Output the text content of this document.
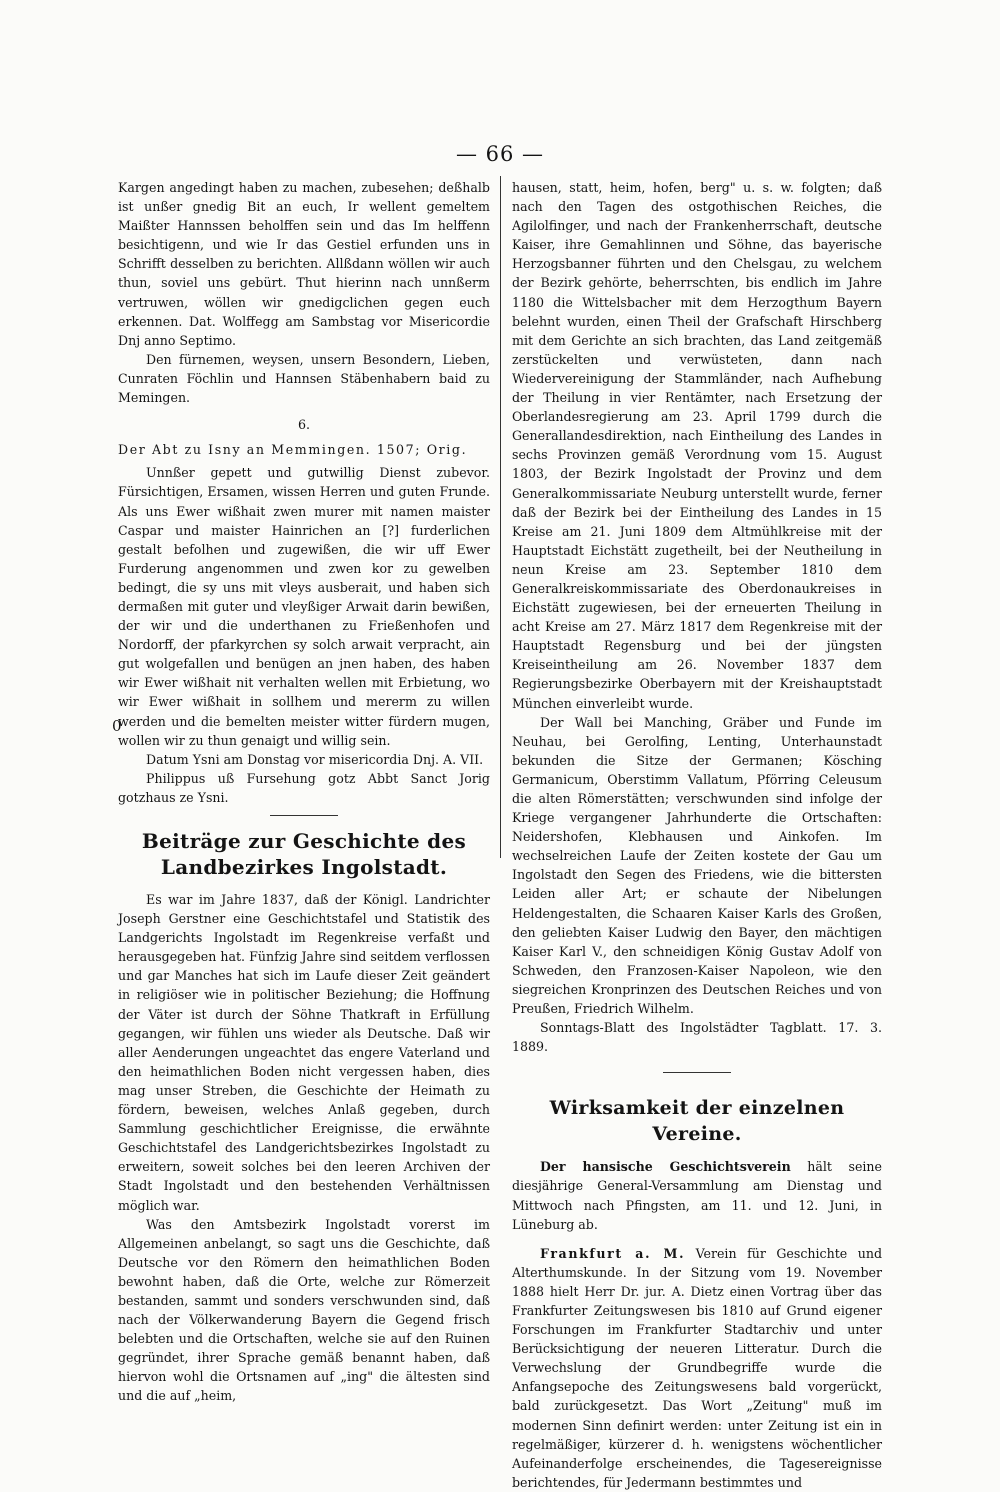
— 66 —
0

Kargen angedingt haben zu machen, zubesehen; deßhalb ist unßer gnedig Bit an euch, Ir wellent gemeltem Maißter Hannssen beholffen sein und das Im helffenn besichtigenn, und wie Ir das Gestiel erfunden uns in Schrifft desselben zu berichten. Allßdann wöllen wir auch thun, soviel uns gebürt. Thut hierinn nach unnßerm vertruwen, wöllen wir gnedigclichen gegen euch erkennen. Dat. Wolffegg am Sambstag vor Misericordie Dnj anno Septimo.

Den fürnemen, weysen, unsern Besondern, Lieben, Cunraten Föchlin und Hannsen Stäbenhabern baid zu Memingen.

6.

Der Abt zu Isny an Memmingen. 1507; Orig.

Unnßer gepett und gutwillig Dienst zubevor. Fürsichtigen, Ersamen, wissen Herren und guten Frunde. Als uns Ewer wißhait zwen murer mit namen maister Caspar und maister Hainrichen an [?] furderlichen gestalt befolhen und zugewißen, die wir uff Ewer Furderung angenommen und zwen kor zu gewelben bedingt, die sy uns mit vleys ausberait, und haben sich dermaßen mit guter und vleyßiger Arwait darin bewißen, der wir und die underthanen zu Frießenhofen und Nordorff, der pfarkyrchen sy solch arwait verpracht, ain gut wolgefallen und benügen an jnen haben, des haben wir Ewer wißhait nit verhalten wellen mit Erbietung, wo wir Ewer wißhait in sollhem und mererm zu willen werden und die bemelten meister witter fürdern mugen, wollen wir zu thun genaigt und willig sein.

Datum Ysni am Donstag vor misericordia Dnj. A. VII.

Philippus uß Fursehung gotz Abbt Sanct Jorig gotzhaus ze Ysni.

Beiträge zur Geschichte des Landbezirkes Ingolstadt.

Es war im Jahre 1837, daß der Königl. Landrichter Joseph Gerstner eine Geschichtstafel und Statistik des Landgerichts Ingolstadt im Regenkreise verfaßt und herausgegeben hat. Fünfzig Jahre sind seitdem verflossen und gar Manches hat sich im Laufe dieser Zeit geändert in religiöser wie in politischer Beziehung; die Hoffnung der Väter ist durch der Söhne Thatkraft in Erfüllung gegangen, wir fühlen uns wieder als Deutsche. Daß wir aller Aenderungen ungeachtet das engere Vaterland und den heimathlichen Boden nicht vergessen haben, dies mag unser Streben, die Geschichte der Heimath zu fördern, beweisen, welches Anlaß gegeben, durch Sammlung geschichtlicher Ereignisse, die erwähnte Geschichtstafel des Landgerichtsbezirkes Ingolstadt zu erweitern, soweit solches bei den leeren Archiven der Stadt Ingolstadt und den bestehenden Verhältnissen möglich war.

Was den Amtsbezirk Ingolstadt vorerst im Allgemeinen anbelangt, so sagt uns die Geschichte, daß Deutsche vor den Römern den heimathlichen Boden bewohnt haben, daß die Orte, welche zur Römerzeit bestanden, sammt und sonders verschwunden sind, daß nach der Völkerwanderung Bayern die Gegend frisch belebten und die Ortschaften, welche sie auf den Ruinen gegründet, ihrer Sprache gemäß benannt haben, daß hiervon wohl die Ortsnamen auf „ing" die ältesten sind und die auf „heim,

hausen, statt, heim, hofen, berg" u. s. w. folgten; daß nach den Tagen des ostgothischen Reiches, die Agilolfinger, und nach der Frankenherrschaft, deutsche Kaiser, ihre Gemahlinnen und Söhne, das bayerische Herzogsbanner führten und den Chelsgau, zu welchem der Bezirk gehörte, beherrschten, bis endlich im Jahre 1180 die Wittelsbacher mit dem Herzogthum Bayern belehnt wurden, einen Theil der Grafschaft Hirschberg mit dem Gerichte an sich brachten, das Land zeitgemäß zerstückelten und verwüsteten, dann nach Wiedervereinigung der Stammländer, nach Aufhebung der Theilung in vier Rentämter, nach Ersetzung der Oberlandesregierung am 23. April 1799 durch die Generallandesdirektion, nach Eintheilung des Landes in sechs Provinzen gemäß Verordnung vom 15. August 1803, der Bezirk Ingolstadt der Provinz und dem Generalkommissariate Neuburg unterstellt wurde, ferner daß der Bezirk bei der Eintheilung des Landes in 15 Kreise am 21. Juni 1809 dem Altmühlkreise mit der Hauptstadt Eichstätt zugetheilt, bei der Neutheilung in neun Kreise am 23. September 1810 dem Generalkreiskommissariate des Oberdonaukreises in Eichstätt zugewiesen, bei der erneuerten Theilung in acht Kreise am 27. März 1817 dem Regenkreise mit der Hauptstadt Regensburg und bei der jüngsten Kreiseintheilung am 26. November 1837 dem Regierungsbezirke Oberbayern mit der Kreishauptstadt München einverleibt wurde.

Der Wall bei Manching, Gräber und Funde im Neuhau, bei Gerolfing, Lenting, Unterhaunstadt bekunden die Sitze der Germanen; Kösching Germanicum, Oberstimm Vallatum, Pförring Celeusum die alten Römerstätten; verschwunden sind infolge der Kriege vergangener Jahrhunderte die Ortschaften: Neidershofen, Klebhausen und Ainkofen. Im wechselreichen Laufe der Zeiten kostete der Gau um Ingolstadt den Segen des Friedens, wie die bittersten Leiden aller Art; er schaute der Nibelungen Heldengestalten, die Schaaren Kaiser Karls des Großen, den geliebten Kaiser Ludwig den Bayer, den mächtigen Kaiser Karl V., den schneidigen König Gustav Adolf von Schweden, den Franzosen-Kaiser Napoleon, wie den siegreichen Kronprinzen des Deutschen Reiches und von Preußen, Friedrich Wilhelm.

Sonntags-Blatt des Ingolstädter Tagblatt. 17. 3. 1889.

Wirksamkeit der einzelnen Vereine.

Der hansische Geschichtsverein hält seine diesjährige General-Versammlung am Dienstag und Mittwoch nach Pfingsten, am 11. und 12. Juni, in Lüneburg ab.

Frankfurt a. M. Verein für Geschichte und Alterthumskunde. In der Sitzung vom 19. November 1888 hielt Herr Dr. jur. A. Dietz einen Vortrag über das Frankfurter Zeitungswesen bis 1810 auf Grund eigener Forschungen im Frankfurter Stadtarchiv und unter Berücksichtigung der neueren Litteratur. Durch die Verwechslung der Grundbegriffe wurde die Anfangsepoche des Zeitungswesens bald vorgerückt, bald zurückgesetzt. Das Wort „Zeitung" muß im modernen Sinn definirt werden: unter Zeitung ist ein in regelmäßiger, kürzerer d. h. wenigstens wöchentlicher Aufeinanderfolge erscheinendes, die Tagesereignisse berichtendes, für Jedermann bestimmtes und
